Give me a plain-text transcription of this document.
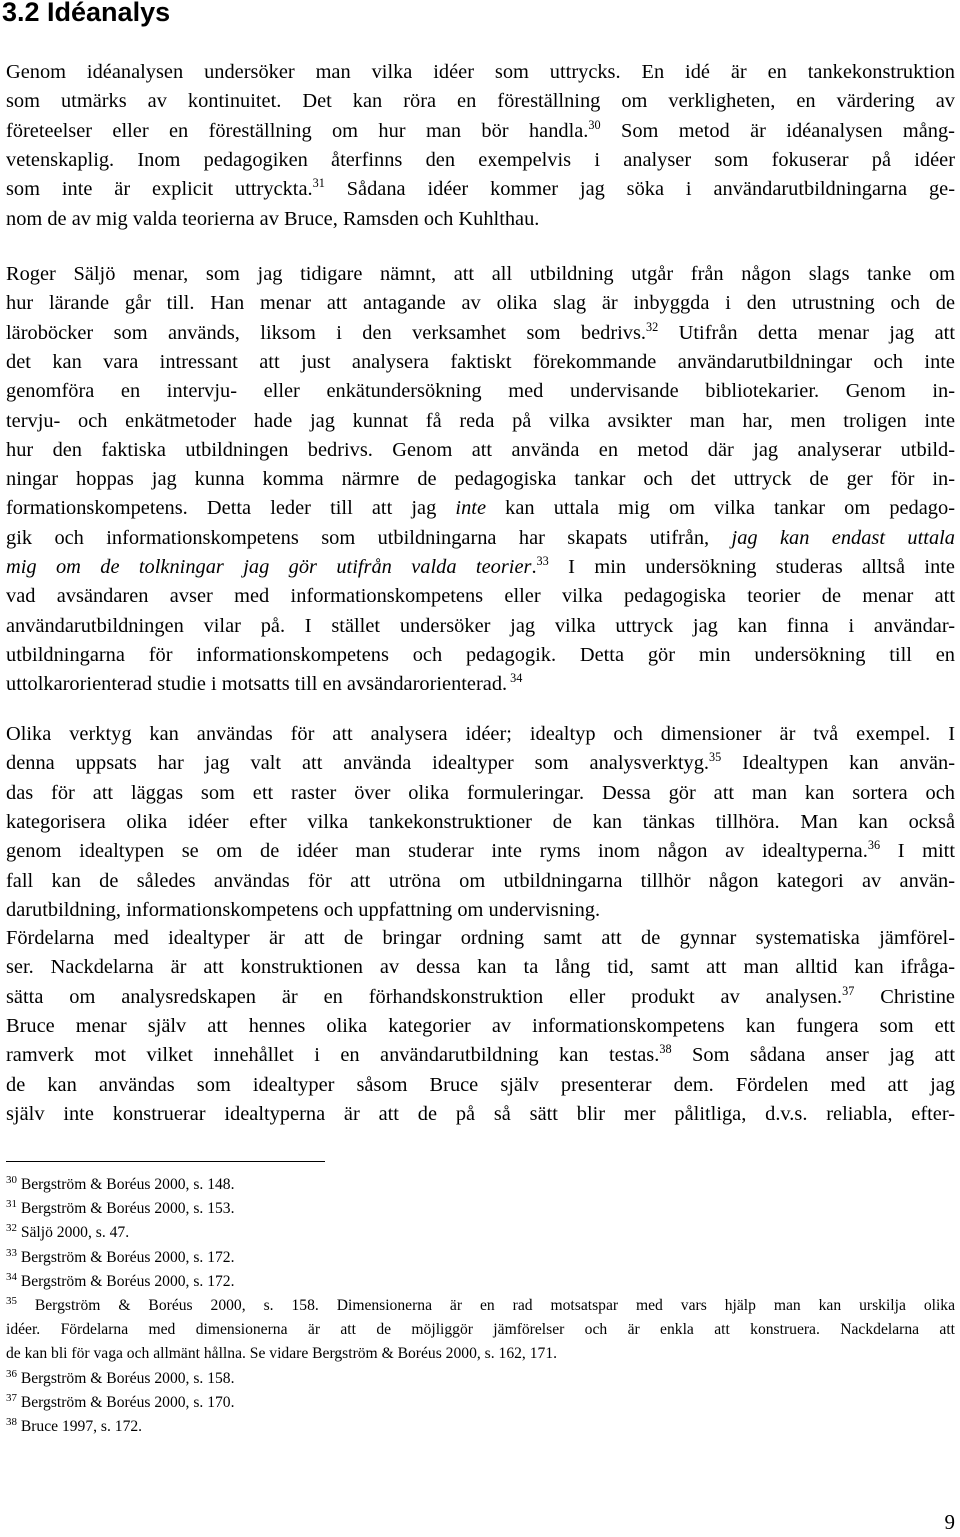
3.2 Idéanalys
Genom idéanalysen undersöker man vilka idéer som uttrycks. En idé är en tankekonstruktion
som utmärks av kontinuitet. Det kan röra en föreställning om verkligheten, en värdering av
företeelser eller en föreställning om hur man bör handla.$^{30}$ Som metod är idéanalysen mång-
vetenskaplig. Inom pedagogiken återfinns den exempelvis i analyser som fokuserar på idéer
som inte är explicit uttryckta.$^{31}$ Sådana idéer kommer jag söka i användarutbildningarna ge-
nom de av mig valda teorierna av Bruce, Ramsden och Kuhlthau.
Roger Säljö menar, som jag tidigare nämnt, att all utbildning utgår från någon slags tanke om
hur lärande går till. Han menar att antagande av olika slag är inbyggda i den utrustning och de
läroböcker som används, liksom i den verksamhet som bedrivs.$^{32}$ Utifrån detta menar jag att
det kan vara intressant att just analysera faktiskt förekommande användarutbildningar och inte
genomföra en intervju- eller enkätundersökning med undervisande bibliotekarier. Genom in-
tervju- och enkätmetoder hade jag kunnat få reda på vilka avsikter man har, men troligen inte
hur den faktiska utbildningen bedrivs. Genom att använda en metod där jag analyserar utbild-
ningar hoppas jag kunna komma närmre de pedagogiska tankar och det uttryck de ger för in-
formationskompetens. Detta leder till att jag inte kan uttala mig om vilka tankar om pedago-
gik och informationskompetens som utbildningarna har skapats utifrån, jag kan endast uttala
mig om de tolkningar jag gör utifrån valda teorier.$^{33}$ I min undersökning studeras alltså inte
vad avsändaren avser med informationskompetens eller vilka pedagogiska teorier de menar att
användarutbildningen vilar på. I stället undersöker jag vilka uttryck jag kan finna i användar-
utbildningarna för informationskompetens och pedagogik. Detta gör min undersökning till en
uttolkarorienterad studie i motsatts till en avsändarorienterad. $^{34}$
Olika verktyg kan användas för att analysera idéer; idealtyp och dimensioner är två exempel. I
denna uppsats har jag valt att använda idealtyper som analysverktyg.$^{35}$ Idealtypen kan använ-
das för att läggas som ett raster över olika formuleringar. Dessa gör att man kan sortera och
kategorisera olika idéer efter vilka tankekonstruktioner de kan tänkas tillhöra. Man kan också
genom idealtypen se om de idéer man studerar inte ryms inom någon av idealtyperna.$^{36}$ I mitt
fall kan de således användas för att utröna om utbildningarna tillhör någon kategori av använ-
darutbildning, informationskompetens och uppfattning om undervisning.
Fördelarna med idealtyper är att de bringar ordning samt att de gynnar systematiska jämförel-
ser. Nackdelarna är att konstruktionen av dessa kan ta lång tid, samt att man alltid kan ifråga-
sätta om analysredskapen är en förhandskonstruktion eller produkt av analysen.$^{37}$ Christine
Bruce menar själv att hennes olika kategorier av informationskompetens kan fungera som ett
ramverk mot vilket innehållet i en användarutbildning kan testas.$^{38}$ Som sådana anser jag att
de kan användas som idealtyper såsom Bruce själv presenterar dem. Fördelen med att jag
själv inte konstruerar idealtyperna är att de på så sätt blir mer pålitliga, d.v.s. reliabla, efter-
$^{30}$ Bergström & Boréus 2000, s. 148.
$^{31}$ Bergström & Boréus 2000, s. 153.
$^{32}$ Säljö 2000, s. 47.
$^{33}$ Bergström & Boréus 2000, s. 172.
$^{34}$ Bergström & Boréus 2000, s. 172.
$^{35}$ Bergström & Boréus 2000, s. 158. Dimensionerna är en rad motsatspar med vars hjälp man kan urskilja olika
idéer. Fördelarna med dimensionerna är att de möjliggör jämförelser och är enkla att konstruera. Nackdelarna att
de kan bli för vaga och allmänt hållna. Se vidare Bergström & Boréus 2000, s. 162, 171.
$^{36}$ Bergström & Boréus 2000, s. 158.
$^{37}$ Bergström & Boréus 2000, s. 170.
$^{38}$ Bruce 1997, s. 172.
9
